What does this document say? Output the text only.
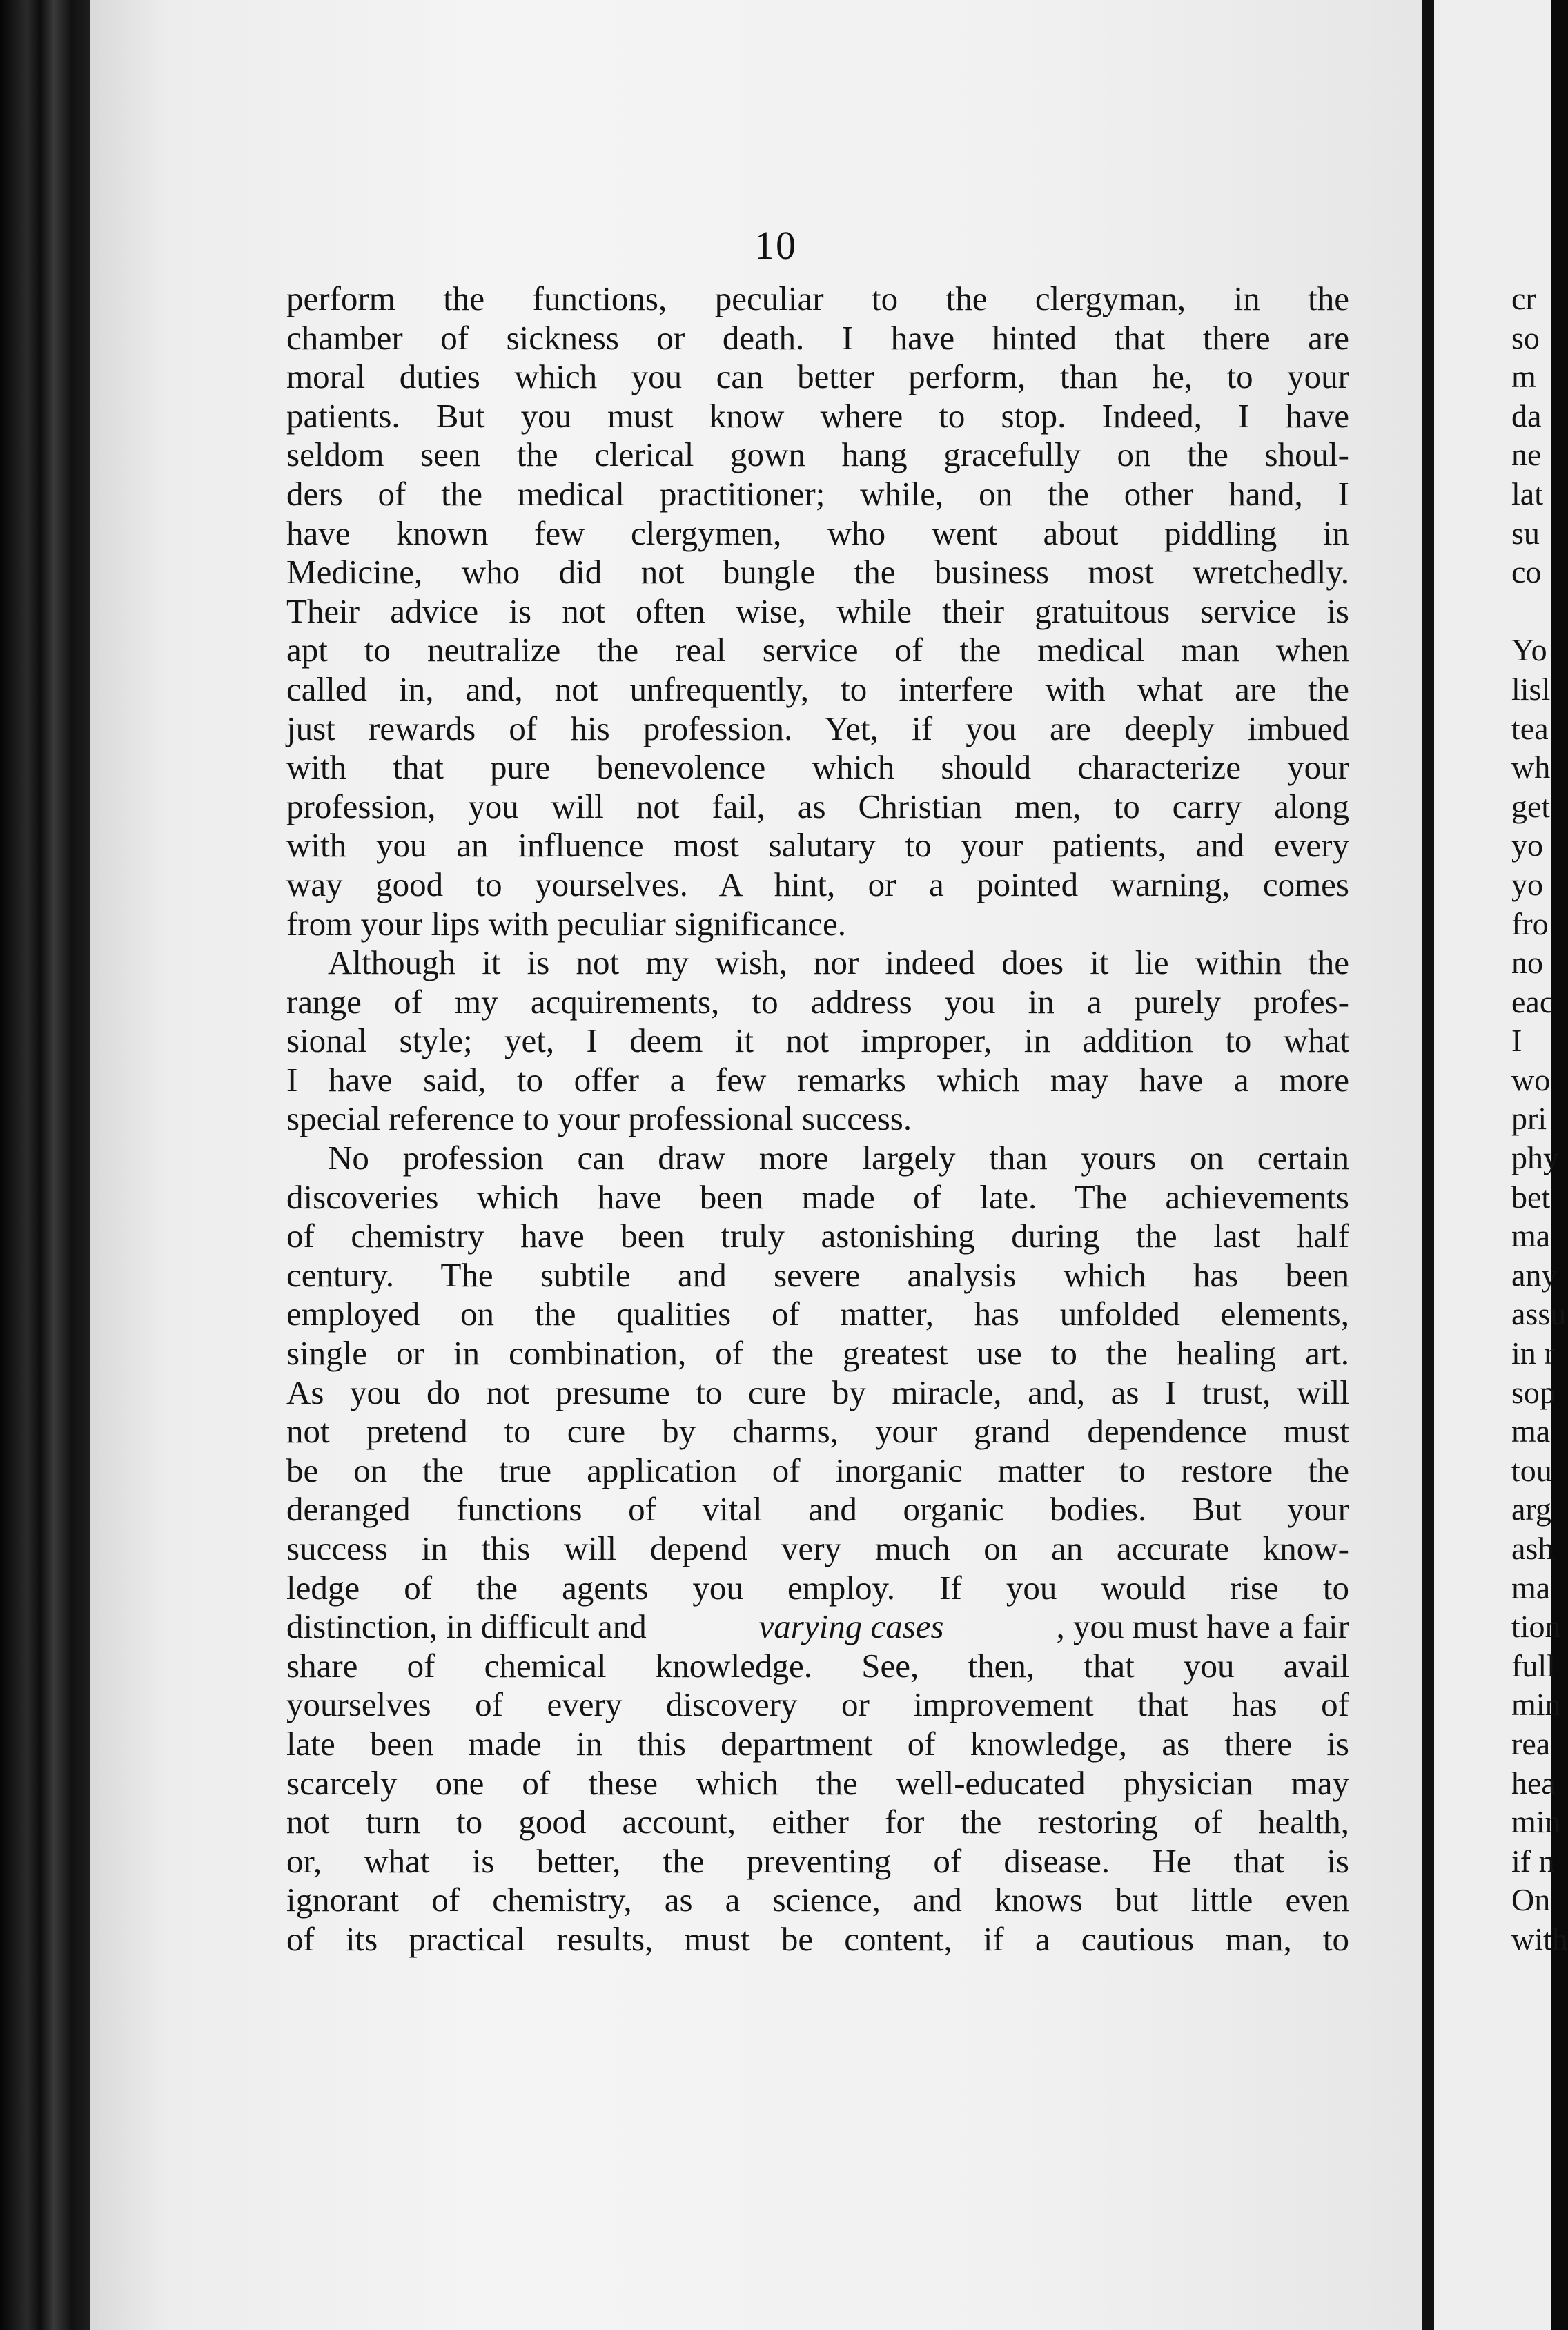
10

perform the functions, peculiar to the clergyman, in the
chamber of sickness or death. I have hinted that there are
moral duties which you can better perform, than he, to your
patients. But you must know where to stop. Indeed, I have
seldom seen the clerical gown hang gracefully on the shoul-
ders of the medical practitioner; while, on the other hand, I
have known few clergymen, who went about piddling in
Medicine, who did not bungle the business most wretchedly.
Their advice is not often wise, while their gratuitous service is
apt to neutralize the real service of the medical man when
called in, and, not unfrequently, to interfere with what are the
just rewards of his profession. Yet, if you are deeply imbued
with that pure benevolence which should characterize your
profession, you will not fail, as Christian men, to carry along
with you an influence most salutary to your patients, and every
way good to yourselves. A hint, or a pointed warning, comes
from your lips with peculiar significance.

Although it is not my wish, nor indeed does it lie within the
range of my acquirements, to address you in a purely profes-
sional style; yet, I deem it not improper, in addition to what
I have said, to offer a few remarks which may have a more
special reference to your professional success.

No profession can draw more largely than yours on certain
discoveries which have been made of late. The achievements
of chemistry have been truly astonishing during the last half
century. The subtile and severe analysis which has been
employed on the qualities of matter, has unfolded elements,
single or in combination, of the greatest use to the healing art.
As you do not presume to cure by miracle, and, as I trust, will
not pretend to cure by charms, your grand dependence must
be on the true application of inorganic matter to restore the
deranged functions of vital and organic bodies. But your
success in this will depend very much on an accurate know-
ledge of the agents you employ. If you would rise to
distinction, in difficult and	varying cases	, you must have a fair
share of chemical knowledge. See, then, that you avail
yourselves of every discovery or improvement that has of
late been made in this department of knowledge, as there is
scarcely one of these which the well-educated physician may
not turn to good account, either for the restoring of health,
or, what is better, the preventing of disease. He that is
ignorant of chemistry, as a science, and knows but little even
of its practical results, must be content, if a cautious man, to

cr
so
m
da
ne
lat
su
co
Yo
lisl
tea
wh
get
yo
yo
fro
no
eac
I
wo
pri
phy
bet
ma
any
assu
in r
sop
ma
tou
arg
ash
ma
tion
full
min
rea
hea
min
if n
On
with
